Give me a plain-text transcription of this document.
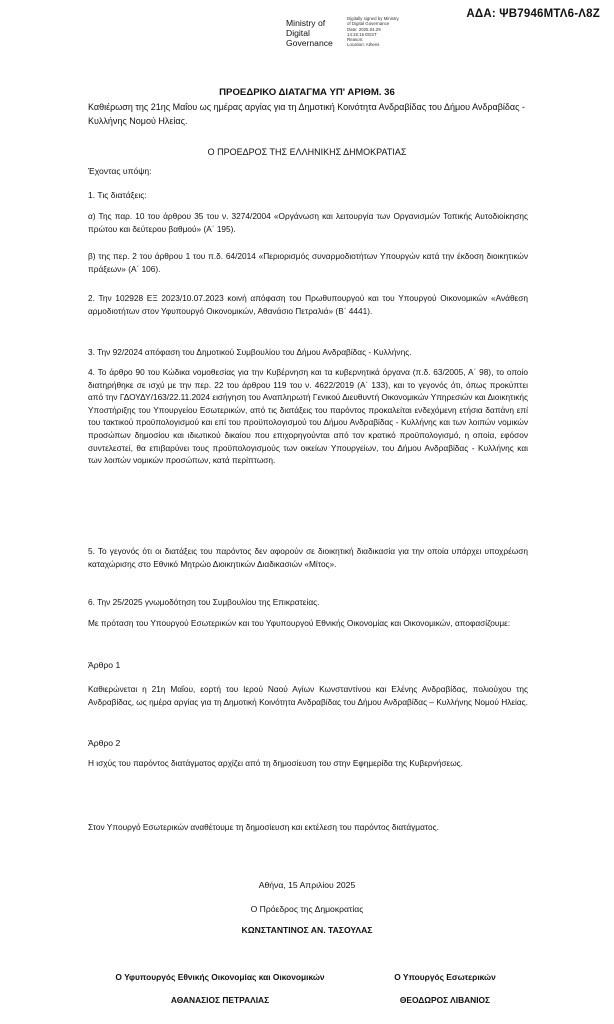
ΑΔΑ: ΨΒ7946ΜΤΛ6-Λ8Ζ
Ministry of
Digital
Governance
Digitally signed by Ministry
of Digital Governance
Date: 2025.04.29
14:15:16 EEST
Reason:
Location: Athens
ΠΡΟΕΔΡΙΚΟ ΔΙΑΤΑΓΜΑ ΥΠ' ΑΡΙΘΜ. 36
Καθιέρωση της 21ης Μαΐου ως ημέρας αργίας για τη Δημοτική Κοινότητα Ανδραβίδας του Δήμου Ανδραβίδας - Κυλλήνης Νομού Ηλείας.
Ο ΠΡΟΕΔΡΟΣ ΤΗΣ ΕΛΛΗΝΙΚΗΣ ΔΗΜΟΚΡΑΤΙΑΣ
Έχοντας υπόψη:
1. Τις διατάξεις:
α) Της παρ. 10 του άρθρου 35 του ν. 3274/2004 «Οργάνωση και λειτουργία των Οργανισμών Τοπικής Αυτοδιοίκησης πρώτου και δεύτερου βαθμού» (Α΄ 195).
β) της περ. 2 του άρθρου 1 του π.δ. 64/2014 «Περιορισμός συναρμοδιοτήτων Υπουργών κατά την έκδοση διοικητικών πράξεων» (Α΄ 106).
2. Την 102928 ΕΞ 2023/10.07.2023 κοινή απόφαση του Πρωθυπουργού και του Υπουργού Οικονομικών «Ανάθεση αρμοδιοτήτων στον Υφυπουργό Οικονομικών, Αθανάσιο Πετραλιά» (Β΄ 4441).
3. Την 92/2024 απόφαση του Δημοτικού Συμβουλίου του Δήμου Ανδραβίδας - Κυλλήνης.
4. Το άρθρο 90 του Κώδικα νομοθεσίας για την Κυβέρνηση και τα κυβερνητικά όργανα (π.δ. 63/2005, Α΄ 98), το οποίο διατηρήθηκε σε ισχύ με την περ. 22 του άρθρου 119 του ν. 4622/2019 (Α΄ 133), και το γεγονός ότι, όπως προκύπτει από την ΓΔΟΥΔΥ/163/22.11.2024 εισήγηση του Αναπληρωτή Γενικού Διευθυντή Οικονομικών Υπηρεσιών και Διοικητικής Υποστήριξης του Υπουργείου Εσωτερικών, από τις διατάξεις του παρόντος προκαλείται ενδεχόμενη ετήσια δαπάνη επί του τακτικού προϋπολογισμού και επί του προϋπολογισμού του Δήμου Ανδραβίδας - Κυλλήνης και των λοιπών νομικών προσώπων δημοσίου και ιδιωτικού δικαίου που επιχορηγούνται από τον κρατικό προϋπολογισμό, η οποία, εφόσον συντελεστεί, θα επιβαρύνει τους προϋπολογισμούς των οικείων Υπουργείων, του Δήμου Ανδραβίδας - Κυλλήνης και των λοιπών νομικών προσώπων, κατά περίπτωση.
5. Το γεγονός ότι οι διατάξεις του παρόντος δεν αφορούν σε διοικητική διαδικασία για την οποία υπάρχει υποχρέωση καταχώρισης στο Εθνικό Μητρώο Διοικητικών Διαδικασιών «Μίτος».
6. Την 25/2025 γνωμοδότηση του Συμβουλίου της Επικρατείας.
Με πρόταση του Υπουργού Εσωτερικών και του Υφυπουργού Εθνικής Οικονομίας και Οικονομικών, αποφασίζουμε:
Άρθρο 1
Καθιερώνεται η 21η Μαΐου, εορτή του Ιερού Ναού Αγίων Κωνσταντίνου και Ελένης Ανδραβίδας, πολιούχου της Ανδραβίδας, ως ημέρα αργίας για τη Δημοτική Κοινότητα Ανδραβίδας του Δήμου Ανδραβίδας – Κυλλήνης Νομού Ηλείας.
Άρθρο 2
Η ισχύς του παρόντος διατάγματος αρχίζει από τη δημοσίευση του στην Εφημερίδα της Κυβερνήσεως.
Στον Υπουργό Εσωτερικών αναθέτουμε τη δημοσίευση και εκτέλεση του παρόντος διατάγματος.
Αθήνα, 15 Απριλίου 2025
Ο Πρόεδρος της Δημοκρατίας
ΚΩΝΣΤΑΝΤΙΝΟΣ ΑΝ. ΤΑΣΟΥΛΑΣ
Ο Υφυπουργός Εθνικής Οικονομίας και Οικονομικών	Ο Υπουργός Εσωτερικών
ΑΘΑΝΑΣΙΟΣ ΠΕΤΡΑΛΙΑΣ	ΘΕΟΔΩΡΟΣ ΛΙΒΑΝΙΟΣ
